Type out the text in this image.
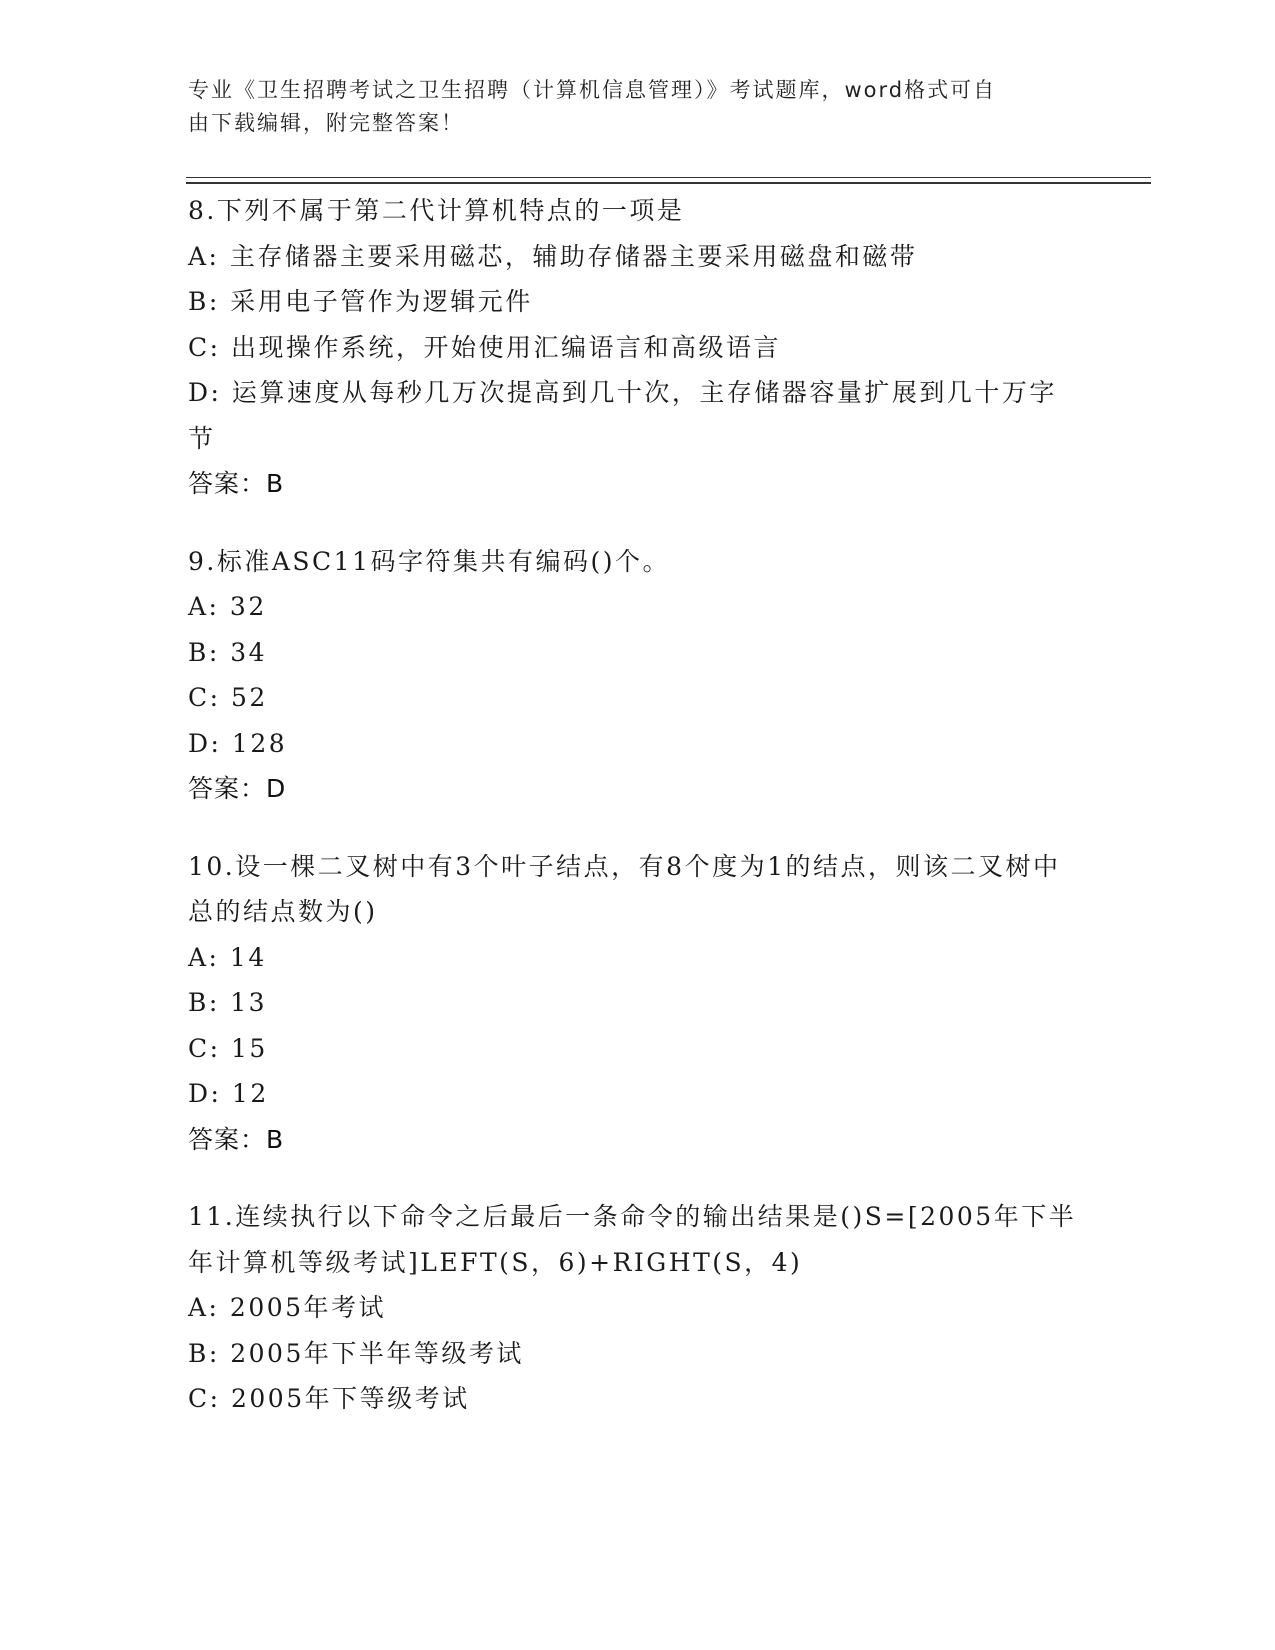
专业《卫生招聘考试之卫生招聘（计算机信息管理）》考试题库，word格式可自
由下载编辑，附完整答案！
8.下列不属于第二代计算机特点的一项是
A: 主存储器主要采用磁芯，辅助存储器主要采用磁盘和磁带
B: 采用电子管作为逻辑元件
C: 出现操作系统，开始使用汇编语言和高级语言
D: 运算速度从每秒几万次提高到几十次，主存储器容量扩展到几十万字节
答案：B
9.标准ASC11码字符集共有编码()个。
A: 32
B: 34
C: 52
D: 128
答案：D
10.设一棵二叉树中有3个叶子结点，有8个度为1的结点，则该二叉树中总的结点数为()
A: 14
B: 13
C: 15
D: 12
答案：B
11.连续执行以下命令之后最后一条命令的输出结果是()S=[2005年下半年计算机等级考试]LEFT(S，6)+RIGHT(S，4)
A: 2005年考试
B: 2005年下半年等级考试
C: 2005年下等级考试
